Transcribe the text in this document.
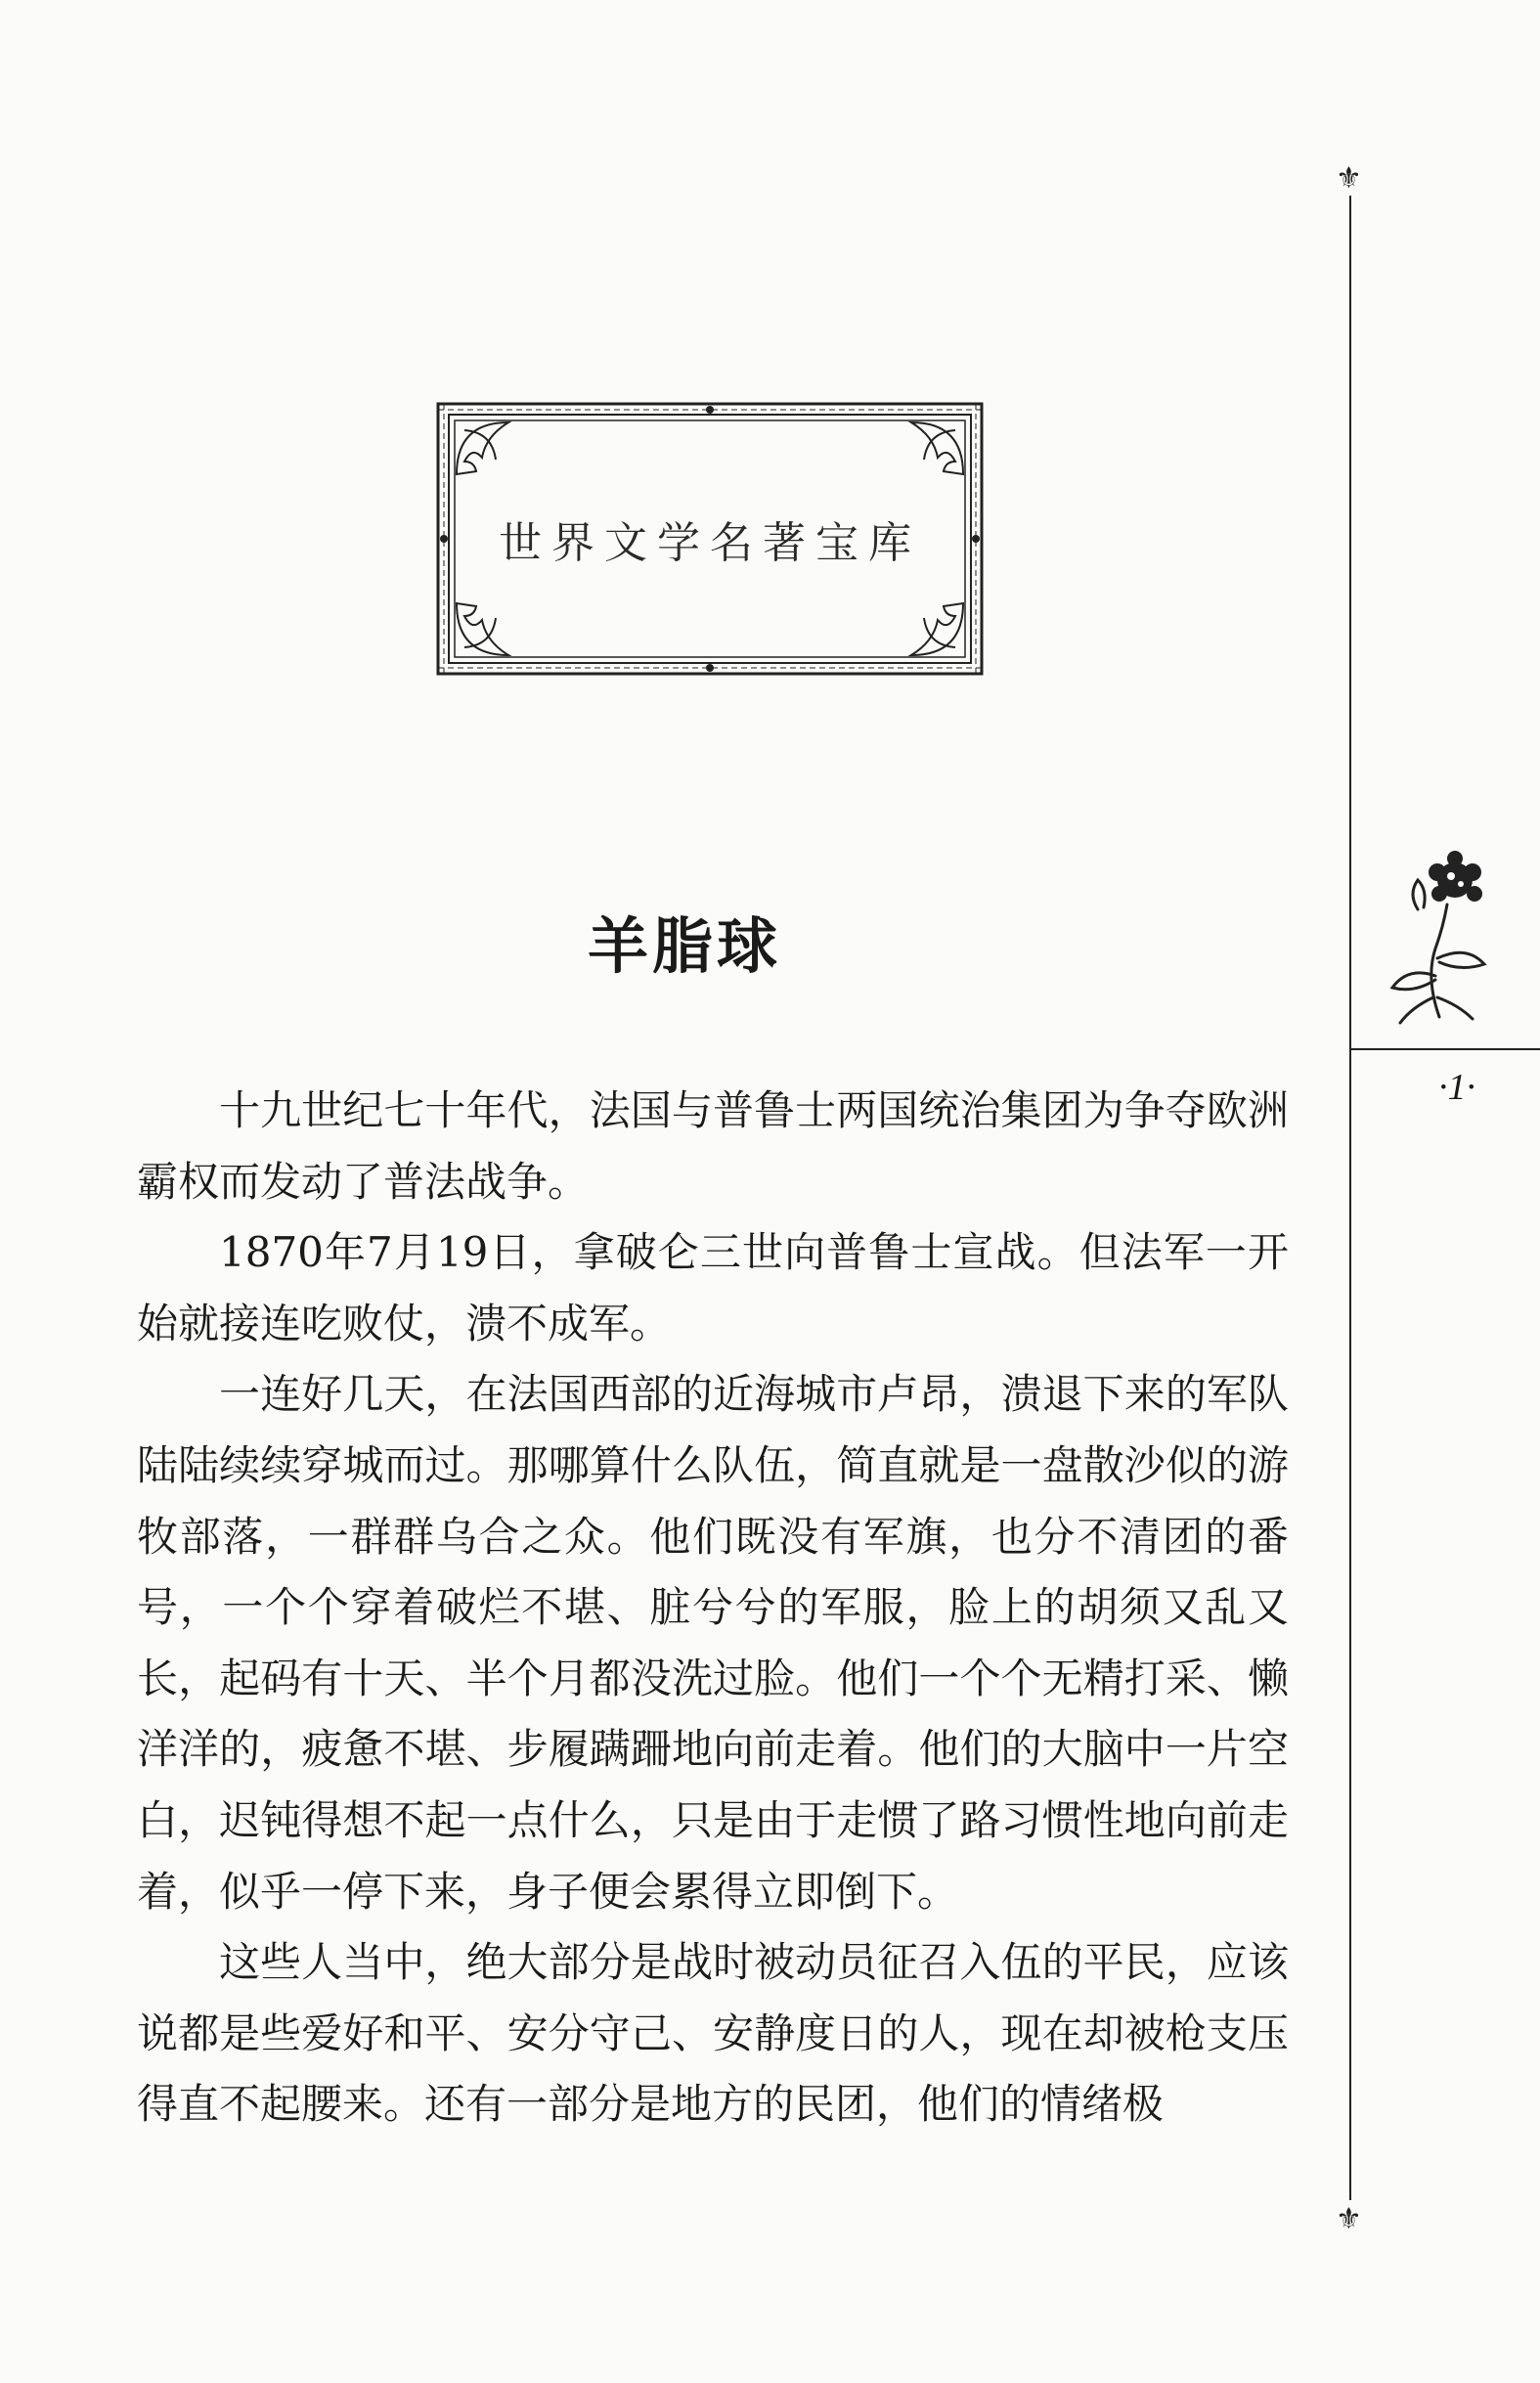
世界文学名著宝库
羊脂球

十九世纪七十年代，法国与普鲁士两国统治集团为争夺欧洲霸权而发动了普法战争。

1870年7月19日，拿破仑三世向普鲁士宣战。但法军一开始就接连吃败仗，溃不成军。

一连好几天，在法国西部的近海城市卢昂，溃退下来的军队陆陆续续穿城而过。那哪算什么队伍，简直就是一盘散沙似的游牧部落，一群群乌合之众。他们既没有军旗，也分不清团的番号，一个个穿着破烂不堪、脏兮兮的军服，脸上的胡须又乱又长，起码有十天、半个月都没洗过脸。他们一个个无精打采、懒洋洋的，疲惫不堪、步履蹒跚地向前走着。他们的大脑中一片空白，迟钝得想不起一点什么，只是由于走惯了路习惯性地向前走着，似乎一停下来，身子便会累得立即倒下。

这些人当中，绝大部分是战时被动员征召入伍的平民，应该说都是些爱好和平、安分守己、安静度日的人，现在却被枪支压得直不起腰来。还有一部分是地方的民团，他们的情绪极

⚜
⚜
·1·
